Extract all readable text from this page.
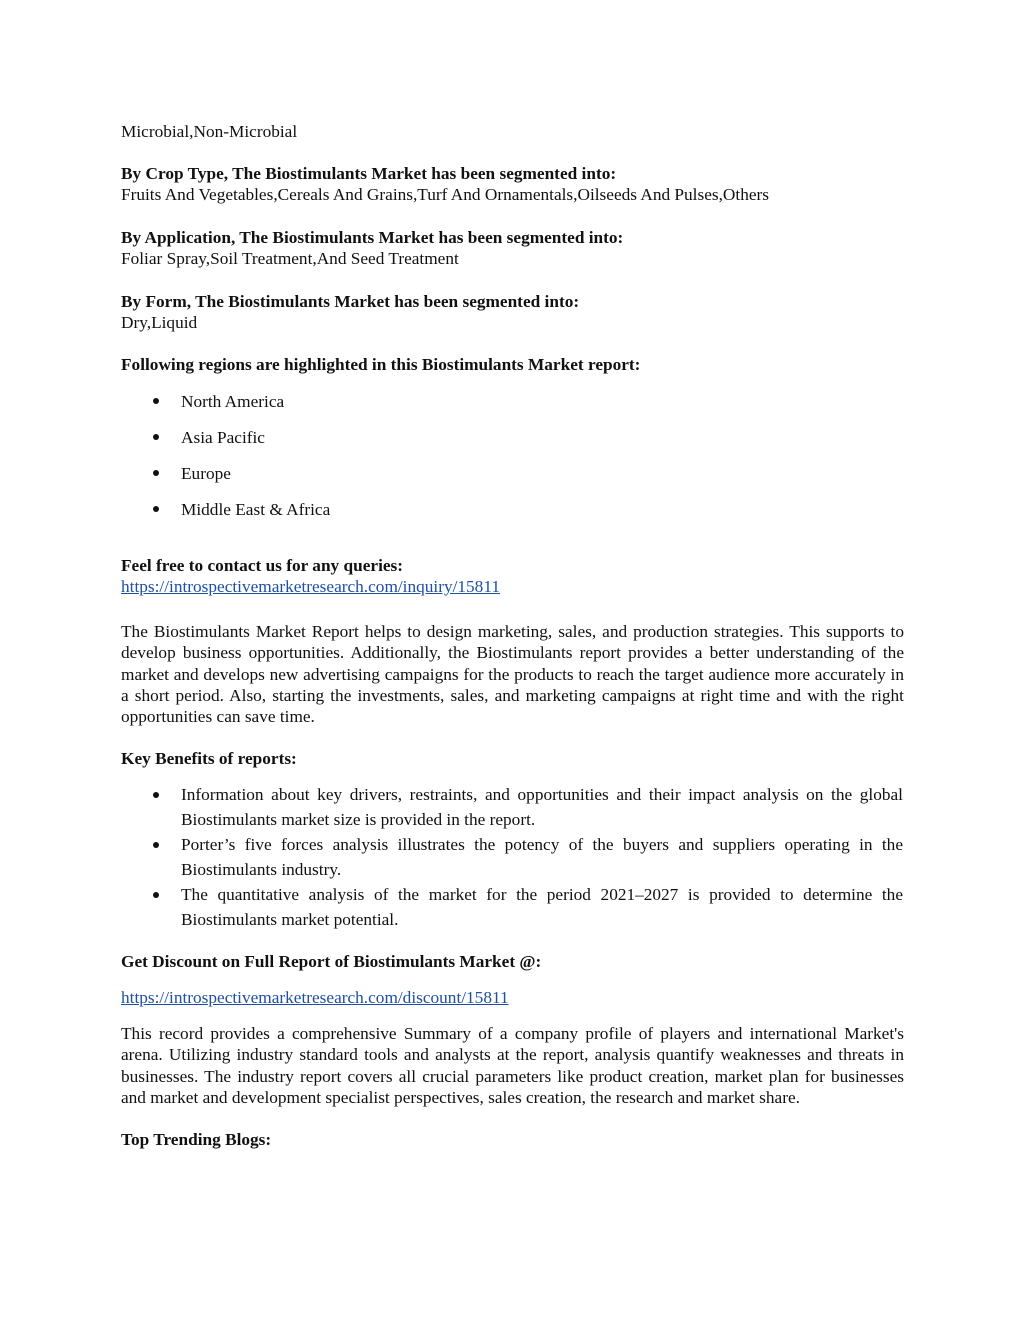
Microbial,Non-Microbial

By Crop Type, The Biostimulants Market has been segmented into:

Fruits And Vegetables,Cereals And Grains,Turf And Ornamentals,Oilseeds And Pulses,Others

By Application, The Biostimulants Market has been segmented into:

Foliar Spray,Soil Treatment,And Seed Treatment

By Form, The Biostimulants Market has been segmented into:

Dry,Liquid

Following regions are highlighted in this Biostimulants Market report:

North America

Asia Pacific

Europe

Middle East & Africa

Feel free to contact us for any queries:

https://introspectivemarketresearch.com/inquiry/15811

The Biostimulants Market Report helps to design marketing, sales, and production strategies. This supports to develop business opportunities. Additionally, the Biostimulants report provides a better understanding of the market and develops new advertising campaigns for the products to reach the target audience more accurately in a short period. Also, starting the investments, sales, and marketing campaigns at right time and with the right opportunities can save time.

Key Benefits of reports:

Information about key drivers, restraints, and opportunities and their impact analysis on the global Biostimulants market size is provided in the report.

Porter’s five forces analysis illustrates the potency of the buyers and suppliers operating in the Biostimulants industry.

The quantitative analysis of the market for the period 2021–2027 is provided to determine the Biostimulants market potential.

Get Discount on Full Report of Biostimulants Market @:

https://introspectivemarketresearch.com/discount/15811

This record provides a comprehensive Summary of a company profile of players and international Market's arena. Utilizing industry standard tools and analysts at the report, analysis quantify weaknesses and threats in businesses. The industry report covers all crucial parameters like product creation, market plan for businesses and market and development specialist perspectives, sales creation, the research and market share.

Top Trending Blogs:
